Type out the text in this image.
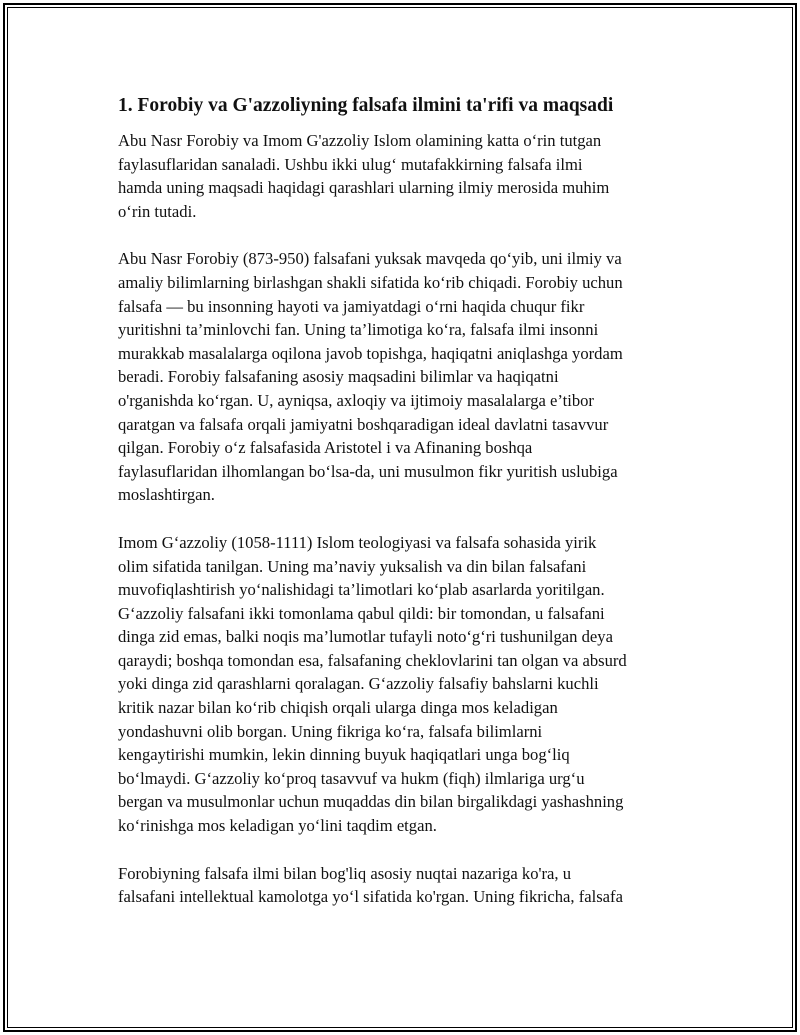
1. Forobiy va G'azzoliyning falsafa ilmini ta'rifi va maqsadi

Abu Nasr Forobiy va Imom G'azzoliy Islom olamining katta o‘rin tutgan
faylasuflaridan sanaladi. Ushbu ikki ulug‘ mutafakkirning falsafa ilmi
hamda uning maqsadi haqidagi qarashlari ularning ilmiy merosida muhim
o‘rin tutadi.

Abu Nasr Forobiy (873-950) falsafani yuksak mavqeda qo‘yib, uni ilmiy va
amaliy bilimlarning birlashgan shakli sifatida ko‘rib chiqadi. Forobiy uchun
falsafa — bu insonning hayoti va jamiyatdagi o‘rni haqida chuqur fikr
yuritishni ta’minlovchi fan. Uning ta’limotiga ko‘ra, falsafa ilmi insonni
murakkab masalalarga oqilona javob topishga, haqiqatni aniqlashga yordam
beradi. Forobiy falsafaning asosiy maqsadini bilimlar va haqiqatni
o'rganishda ko‘rgan. U, ayniqsa, axloqiy va ijtimoiy masalalarga e’tibor
qaratgan va falsafa orqali jamiyatni boshqaradigan ideal davlatni tasavvur
qilgan. Forobiy o‘z falsafasida Aristotel i va Afinaning boshqa
faylasuflaridan ilhomlangan bo‘lsa-da, uni musulmon fikr yuritish uslubiga
moslashtirgan.

Imom G‘azzoliy (1058-1111) Islom teologiyasi va falsafa sohasida yirik
olim sifatida tanilgan. Uning ma’naviy yuksalish va din bilan falsafani
muvofiqlashtirish yo‘nalishidagi ta’limotlari ko‘plab asarlarda yoritilgan.
G‘azzoliy falsafani ikki tomonlama qabul qildi: bir tomondan, u falsafani
dinga zid emas, balki noqis ma’lumotlar tufayli noto‘g‘ri tushunilgan deya
qaraydi; boshqa tomondan esa, falsafaning cheklovlarini tan olgan va absurd
yoki dinga zid qarashlarni qoralagan. G‘azzoliy falsafiy bahslarni kuchli
kritik nazar bilan ko‘rib chiqish orqali ularga dinga mos keladigan
yondashuvni olib borgan. Uning fikriga ko‘ra, falsafa bilimlarni
kengaytirishi mumkin, lekin dinning buyuk haqiqatlari unga bog‘liq
bo‘lmaydi. G‘azzoliy ko‘proq tasavvuf va hukm (fiqh) ilmlariga urg‘u
bergan va musulmonlar uchun muqaddas din bilan birgalikdagi yashashning
ko‘rinishga mos keladigan yo‘lini taqdim etgan.

Forobiyning falsafa ilmi bilan bog'liq asosiy nuqtai nazariga ko'ra, u
falsafani intellektual kamolotga yo‘l sifatida ko'rgan. Uning fikricha, falsafa
